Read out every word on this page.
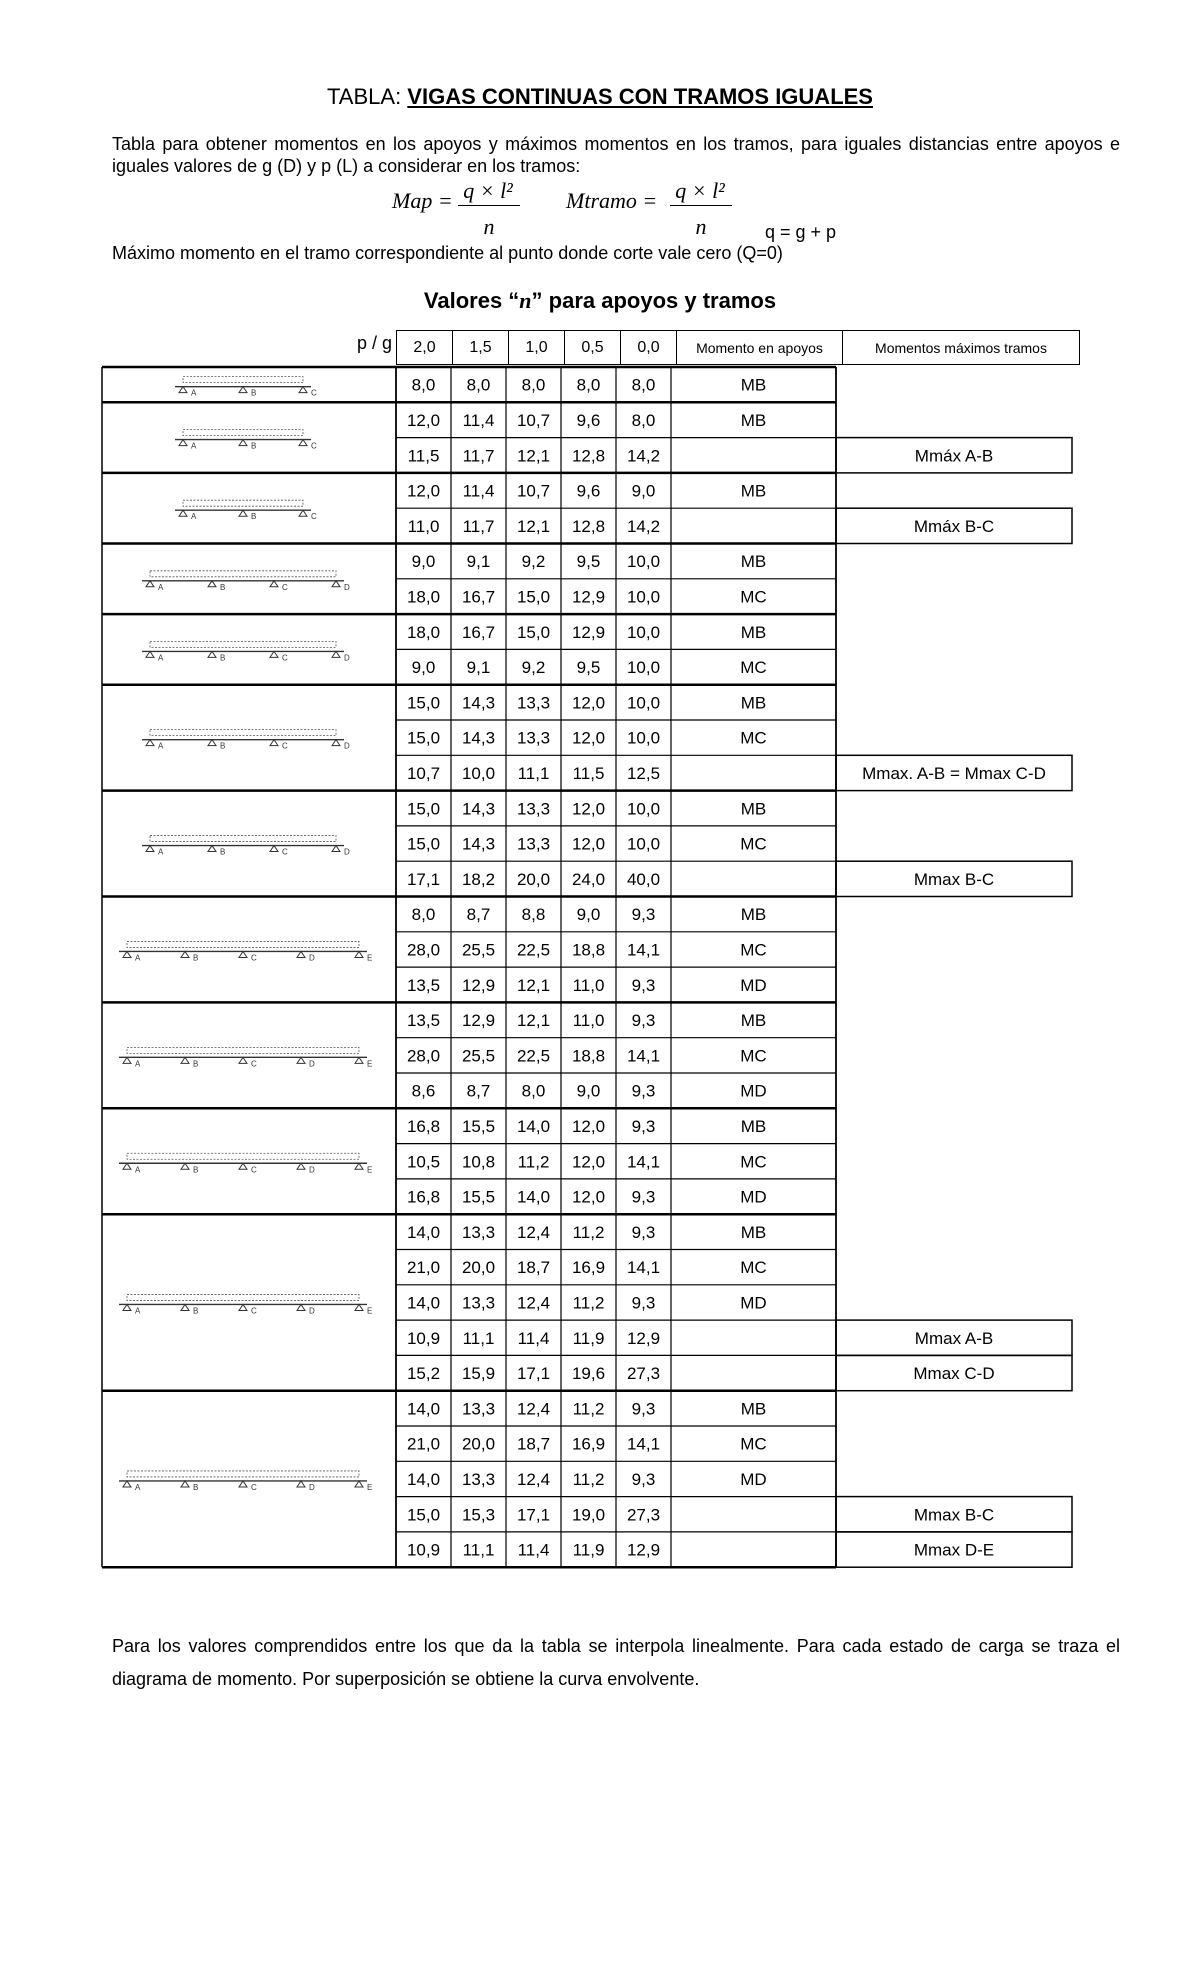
TABLA: VIGAS CONTINUAS CON TRAMOS IGUALES
Tabla para obtener momentos en los apoyos y máximos momentos en los tramos, para iguales distancias entre apoyos e iguales valores de g (D) y p (L) a considerar en los tramos:
Map = q × l²
n
Mtramo = q × l²
n	q = g + p
Máximo momento en el tramo correspondiente al punto donde corte vale cero (Q=0)
Valores “n” para apoyos y tramos
p / g 2,0	1,5	1,0	0,5	0,0	Momento en apoyos	Momentos máximos tramos
8,0 8,0 8,0 8,0 8,0	MB
12,0 11,4 10,7 9,6 8,0	MB
11,5 11,7 12,1 12,8 14,2	Mmáx A-B
12,0 11,4 10,7 9,6 9,0	MB
11,0 11,7 12,1 12,8 14,2	Mmáx B-C
9,0 9,1 9,2 9,5 10,0	MB
18,0 16,7 15,0 12,9 10,0	MC
18,0 16,7 15,0 12,9 10,0	MB
9,0 9,1 9,2 9,5 10,0	MC
15,0 14,3 13,3 12,0 10,0	MB
15,0 14,3 13,3 12,0 10,0	MC
10,7 10,0 11,1 11,5 12,5	Mmax. A-B = Mmax C-D
15,0 14,3 13,3 12,0 10,0	MB
15,0 14,3 13,3 12,0 10,0	MC
17,1 18,2 20,0 24,0 40,0	Mmax B-C
8,0 8,7 8,8 9,0 9,3	MB
28,0 25,5 22,5 18,8 14,1	MC
13,5 12,9 12,1 11,0 9,3	MD
13,5 12,9 12,1 11,0 9,3	MB
28,0 25,5 22,5 18,8 14,1	MC
8,6 8,7 8,0 9,0 9,3	MD
16,8 15,5 14,0 12,0 9,3	MB
10,5 10,8 11,2 12,0 14,1	MC
16,8 15,5 14,0 12,0 9,3	MD
14,0 13,3 12,4 11,2 9,3	MB
21,0 20,0 18,7 16,9 14,1	MC
14,0 13,3 12,4 11,2 9,3	MD
10,9 11,1 11,4 11,9 12,9	Mmax A-B
15,2 15,9 17,1 19,6 27,3	Mmax C-D
14,0 13,3 12,4 11,2 9,3	MB
21,0 20,0 18,7 16,9 14,1	MC
14,0 13,3 12,4 11,2 9,3	MD
15,0 15,3 17,1 19,0 27,3	Mmax B-C
10,9 11,1 11,4 11,9 12,9	Mmax D-E
A	B	C
A	B	C
A	B	C
A	B	C	D
A	B	C	D
A	B	C	D
A	B	C	D
A	B	C	D	E
A	B	C	D	E
A	B	C	D	E
A	B	C	D	E
A	B	C	D	E
Para los valores comprendidos entre los que da la tabla se interpola linealmente. Para cada estado de carga se traza el diagrama de momento. Por superposición se obtiene la curva envolvente.
